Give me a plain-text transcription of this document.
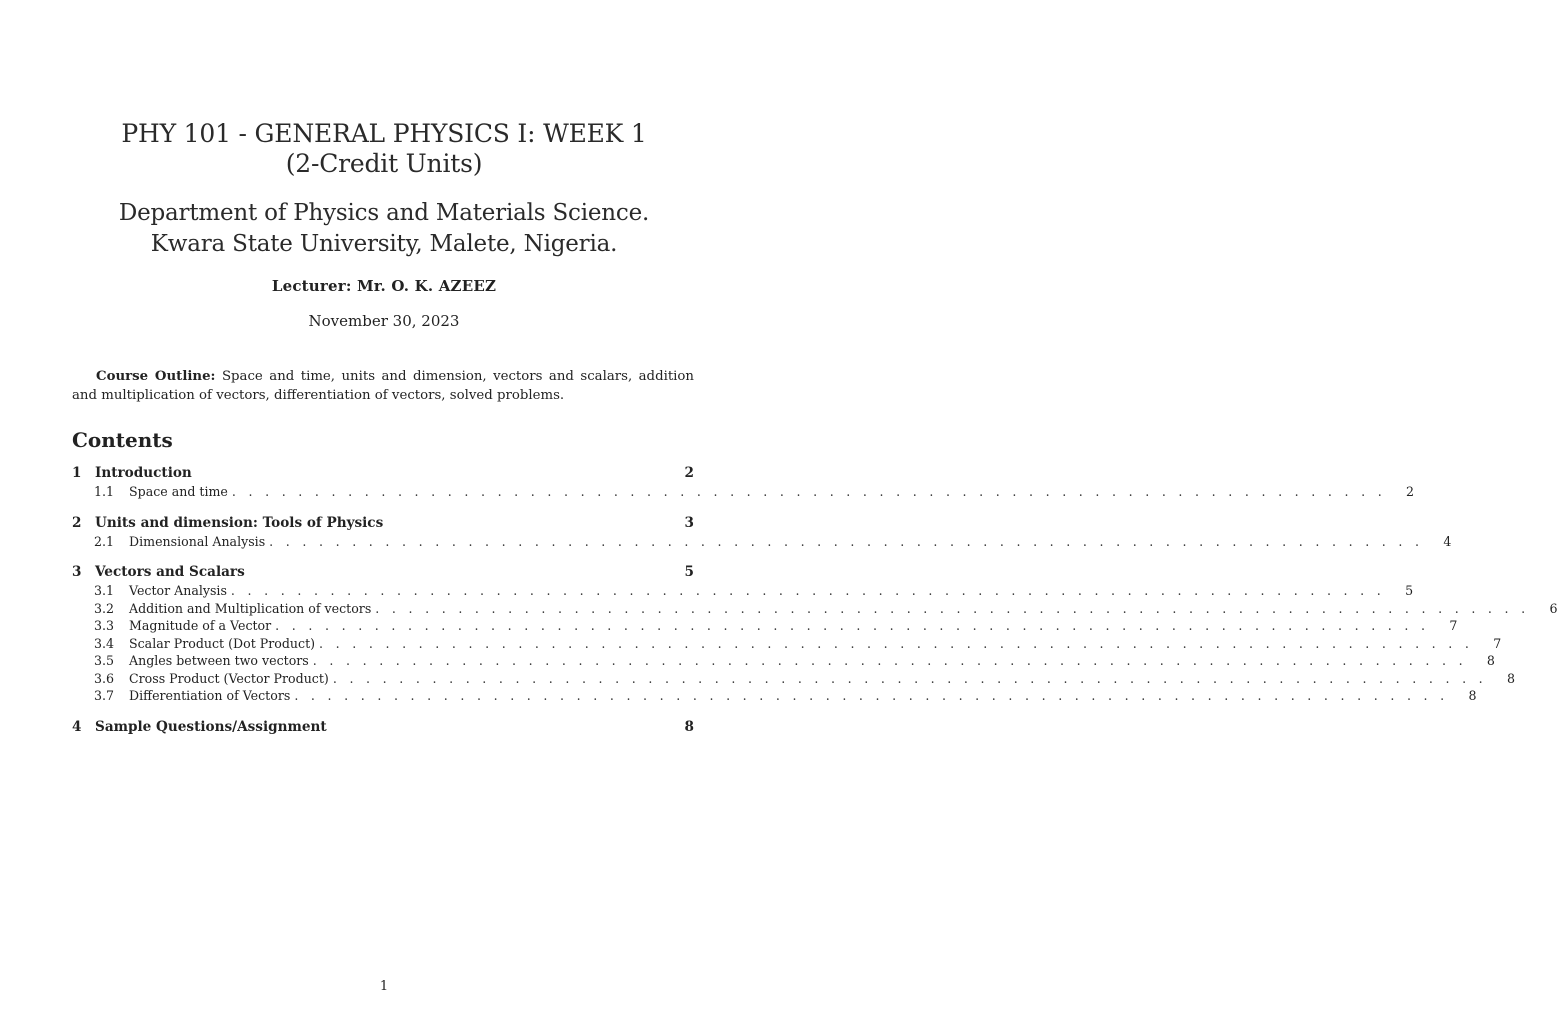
PHY 101 - GENERAL PHYSICS I: WEEK 1
(2-Credit Units)
Department of Physics and Materials Science.
Kwara State University, Malete, Nigeria.
Lecturer: Mr. O. K. AZEEZ
November 30, 2023
Course Outline: Space and time, units and dimension, vectors and scalars, addition and multiplication of vectors, differentiation of vectors, solved problems.
Contents
1 Introduction	2
1.1	Space and time . . . . . . . . . . . . . . . . . . . . . . . . . . . . . . . . . . . . . . . . . . . . . . . . . . . . . . . . . . . . . . . . . . . . . .	2
2 Units and dimension: Tools of Physics	3
2.1	Dimensional Analysis . . . . . . . . . . . . . . . . . . . . . . . . . . . . . . . . . . . . . . . . . . . . . . . . . . . . . . . . . . . . . . . . . . . . . .	4
3 Vectors and Scalars	5
3.1	Vector Analysis . . . . . . . . . . . . . . . . . . . . . . . . . . . . . . . . . . . . . . . . . . . . . . . . . . . . . . . . . . . . . . . . . . . . . .	5
3.2	Addition and Multiplication of vectors . . . . . . . . . . . . . . . . . . . . . . . . . . . . . . . . . . . . . . . . . . . . . . . . . . . . . . . . . . . . . . . . . . . . . .	6
3.3	Magnitude of a Vector . . . . . . . . . . . . . . . . . . . . . . . . . . . . . . . . . . . . . . . . . . . . . . . . . . . . . . . . . . . . . . . . . . . . . .	7
3.4	Scalar Product (Dot Product) . . . . . . . . . . . . . . . . . . . . . . . . . . . . . . . . . . . . . . . . . . . . . . . . . . . . . . . . . . . . . . . . . . . . . .	7
3.5	Angles between two vectors . . . . . . . . . . . . . . . . . . . . . . . . . . . . . . . . . . . . . . . . . . . . . . . . . . . . . . . . . . . . . . . . . . . . . .	8
3.6	Cross Product (Vector Product) . . . . . . . . . . . . . . . . . . . . . . . . . . . . . . . . . . . . . . . . . . . . . . . . . . . . . . . . . . . . . . . . . . . . . .	8
3.7	Differentiation of Vectors . . . . . . . . . . . . . . . . . . . . . . . . . . . . . . . . . . . . . . . . . . . . . . . . . . . . . . . . . . . . . . . . . . . . . .	8
4 Sample Questions/Assignment	8
1
